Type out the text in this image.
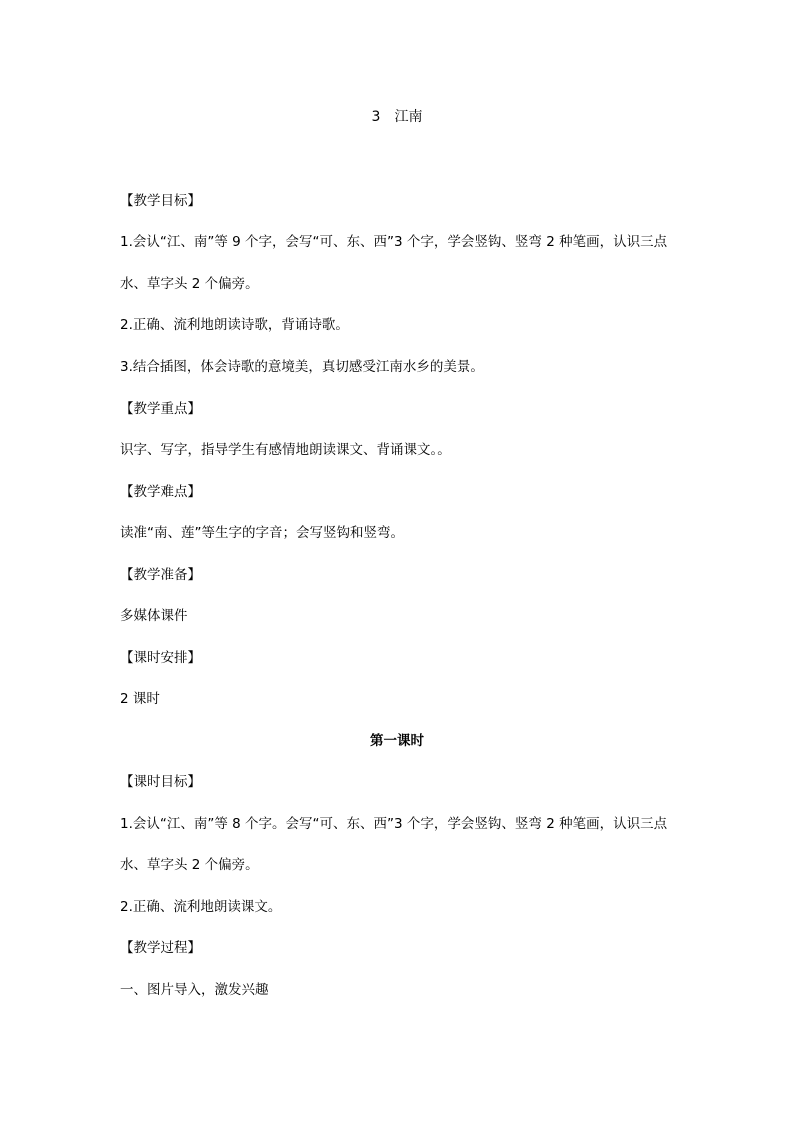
3 江南
【教学目标】
1.会认“江、南”等 9 个字，会写“可、东、西”3 个字，学会竖钩、竖弯 2 种笔画，认识三点
水、草字头 2 个偏旁。
2.正确、流利地朗读诗歌，背诵诗歌。
3.结合插图，体会诗歌的意境美，真切感受江南水乡的美景。
【教学重点】
识字、写字，指导学生有感情地朗读课文、背诵课文。。
【教学难点】
读准“南、莲”等生字的字音；会写竖钩和竖弯。
【教学准备】
多媒体课件
【课时安排】
2 课时
第一课时
【课时目标】
1.会认“江、南”等 8 个字。会写“可、东、西”3 个字，学会竖钩、竖弯 2 种笔画，认识三点
水、草字头 2 个偏旁。
2.正确、流利地朗读课文。
【教学过程】
一、图片导入，激发兴趣
